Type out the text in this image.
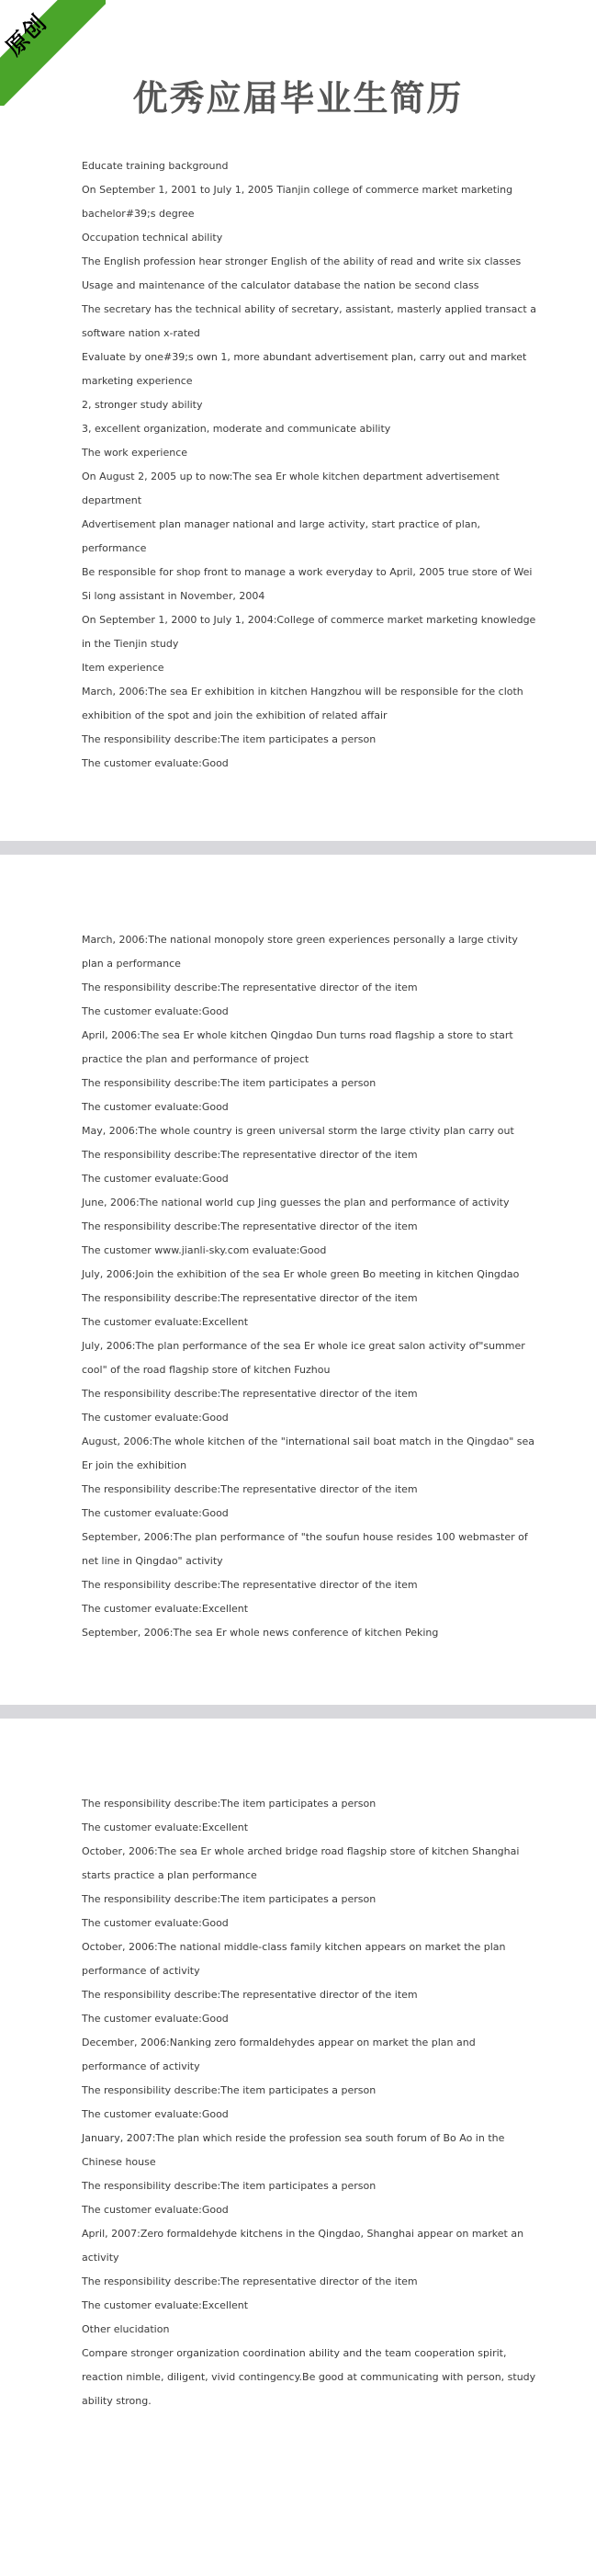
原创
优秀应届毕业生简历
Educate training background
On September 1, 2001 to July 1, 2005 Tianjin college of commerce market marketing
bachelor#39;s degree
Occupation technical ability
The English profession hear stronger English of the ability of read and write six classes
Usage and maintenance of the calculator database the nation be second class
The secretary has the technical ability of secretary, assistant, masterly applied transact a
software nation x-rated
Evaluate by one#39;s own 1, more abundant advertisement plan, carry out and market
marketing experience
2, stronger study ability
3, excellent organization, moderate and communicate ability
The work experience
On August 2, 2005 up to now:The sea Er whole kitchen department advertisement
department
Advertisement plan manager national and large activity, start practice of plan,
performance
Be responsible for shop front to manage a work everyday to April, 2005 true store of Wei
Si long assistant in November, 2004
On September 1, 2000 to July 1, 2004:College of commerce market marketing knowledge
in the Tienjin study
Item experience
March, 2006:The sea Er exhibition in kitchen Hangzhou will be responsible for the cloth
exhibition of the spot and join the exhibition of related affair
The responsibility describe:The item participates a person
The customer evaluate:Good
March, 2006:The national monopoly store green experiences personally a large ctivity
plan a performance
The responsibility describe:The representative director of the item
The customer evaluate:Good
April, 2006:The sea Er whole kitchen Qingdao Dun turns road flagship a store to start
practice the plan and performance of project
The responsibility describe:The item participates a person
The customer evaluate:Good
May, 2006:The whole country is green universal storm the large ctivity plan carry out
The responsibility describe:The representative director of the item
The customer evaluate:Good
June, 2006:The national world cup Jing guesses the plan and performance of activity
The responsibility describe:The representative director of the item
The customer www.jianli-sky.com evaluate:Good
July, 2006:Join the exhibition of the sea Er whole green Bo meeting in kitchen Qingdao
The responsibility describe:The representative director of the item
The customer evaluate:Excellent
July, 2006:The plan performance of the sea Er whole ice great salon activity of"summer
cool" of the road flagship store of kitchen Fuzhou
The responsibility describe:The representative director of the item
The customer evaluate:Good
August, 2006:The whole kitchen of the "international sail boat match in the Qingdao" sea
Er join the exhibition
The responsibility describe:The representative director of the item
The customer evaluate:Good
September, 2006:The plan performance of "the soufun house resides 100 webmaster of
net line in Qingdao" activity
The responsibility describe:The representative director of the item
The customer evaluate:Excellent
September, 2006:The sea Er whole news conference of kitchen Peking
The responsibility describe:The item participates a person
The customer evaluate:Excellent
October, 2006:The sea Er whole arched bridge road flagship store of kitchen Shanghai
starts practice a plan performance
The responsibility describe:The item participates a person
The customer evaluate:Good
October, 2006:The national middle-class family kitchen appears on market the plan
performance of activity
The responsibility describe:The representative director of the item
The customer evaluate:Good
December, 2006:Nanking zero formaldehydes appear on market the plan and
performance of activity
The responsibility describe:The item participates a person
The customer evaluate:Good
January, 2007:The plan which reside the profession sea south forum of Bo Ao in the
Chinese house
The responsibility describe:The item participates a person
The customer evaluate:Good
April, 2007:Zero formaldehyde kitchens in the Qingdao, Shanghai appear on market an
activity
The responsibility describe:The representative director of the item
The customer evaluate:Excellent
Other elucidation
Compare stronger organization coordination ability and the team cooperation spirit,
reaction nimble, diligent, vivid contingency.Be good at communicating with person, study
ability strong.
